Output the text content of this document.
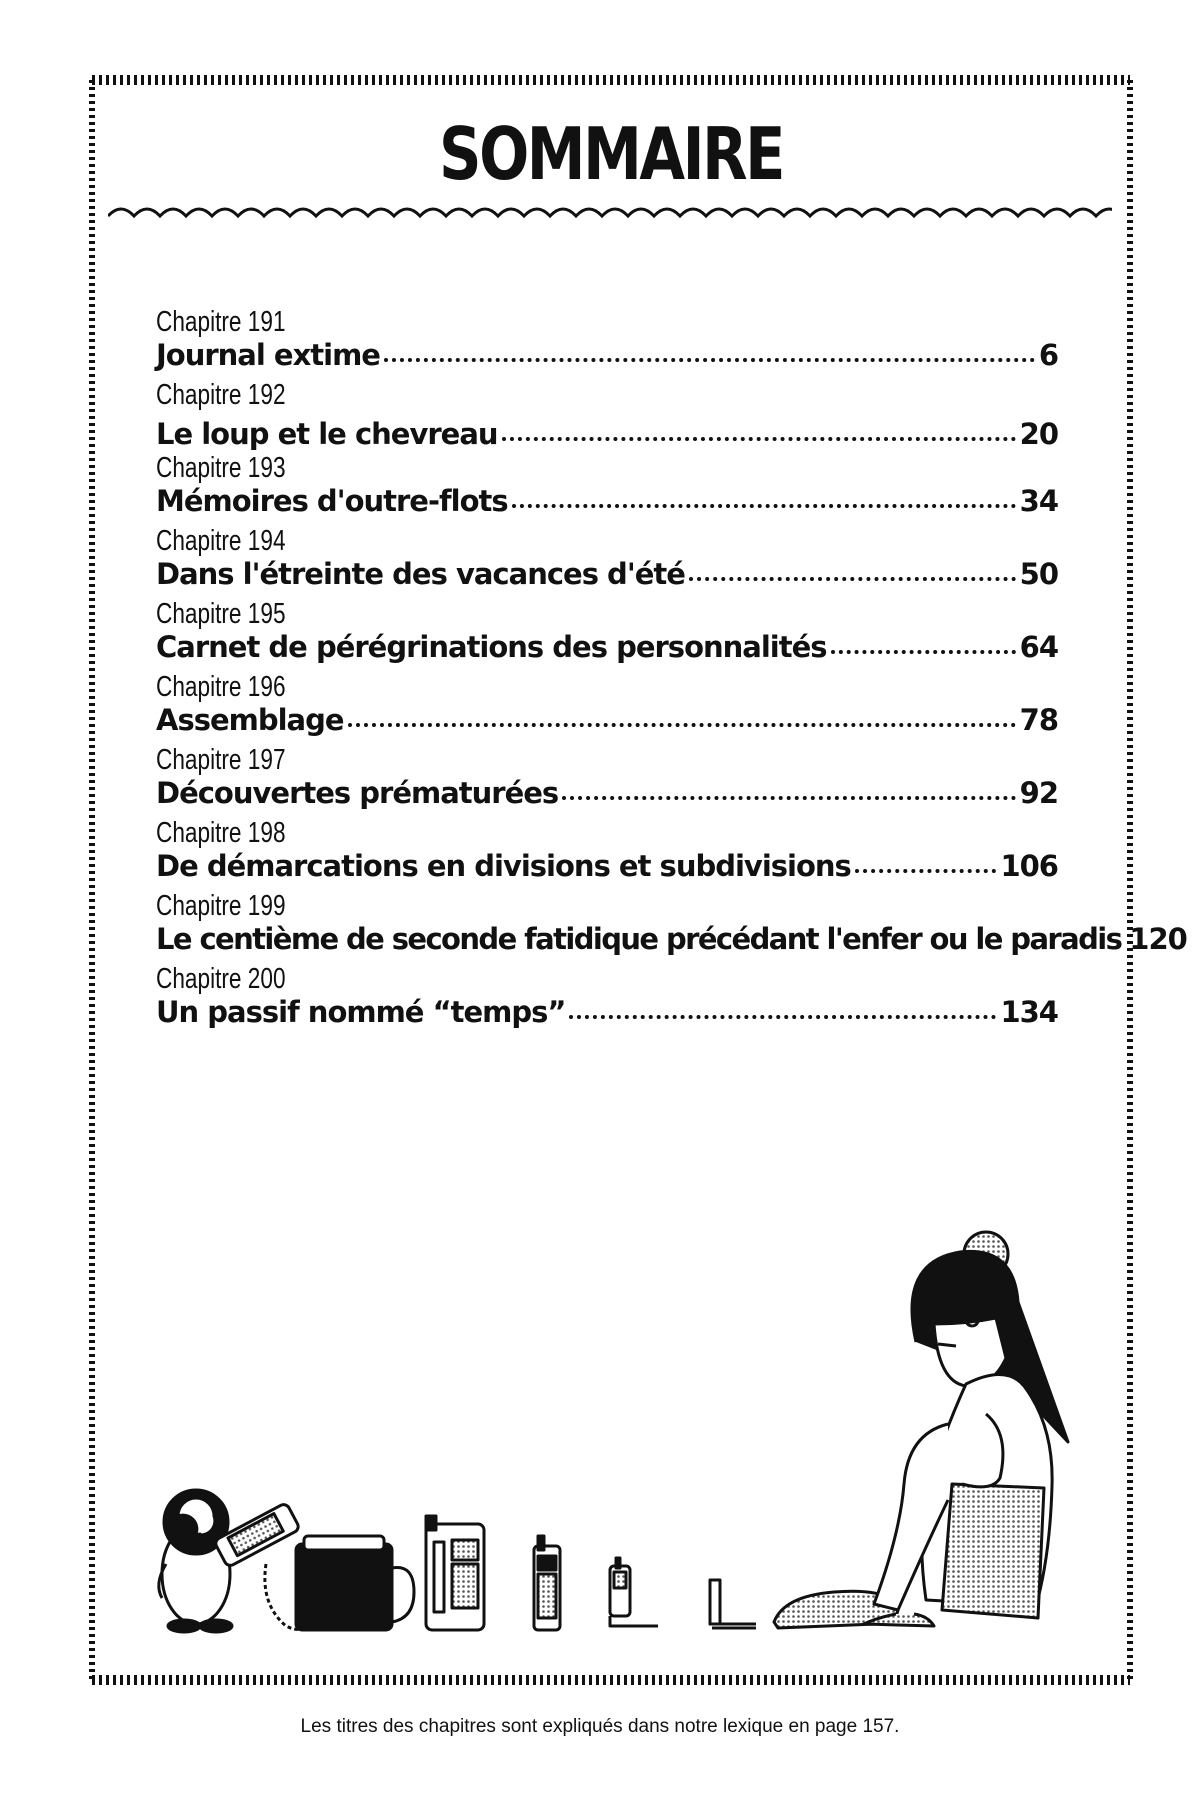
SOMMAIRE
Chapitre 191
Journal extime	6
Chapitre 192
Le loup et le chevreau	20
Chapitre 193
Mémoires d'outre-flots	34
Chapitre 194
Dans l'étreinte des vacances d'été	50
Chapitre 195
Carnet de pérégrinations des personnalités	64
Chapitre 196
Assemblage	78
Chapitre 197
Découvertes prématurées	92
Chapitre 198
De démarcations en divisions et subdivisions	106
Chapitre 199
Le centième de seconde fatidique précédant l'enfer ou le paradis 120
Chapitre 200
Un passif nommé “temps”	134
Les titres des chapitres sont expliqués dans notre lexique en page 157.
